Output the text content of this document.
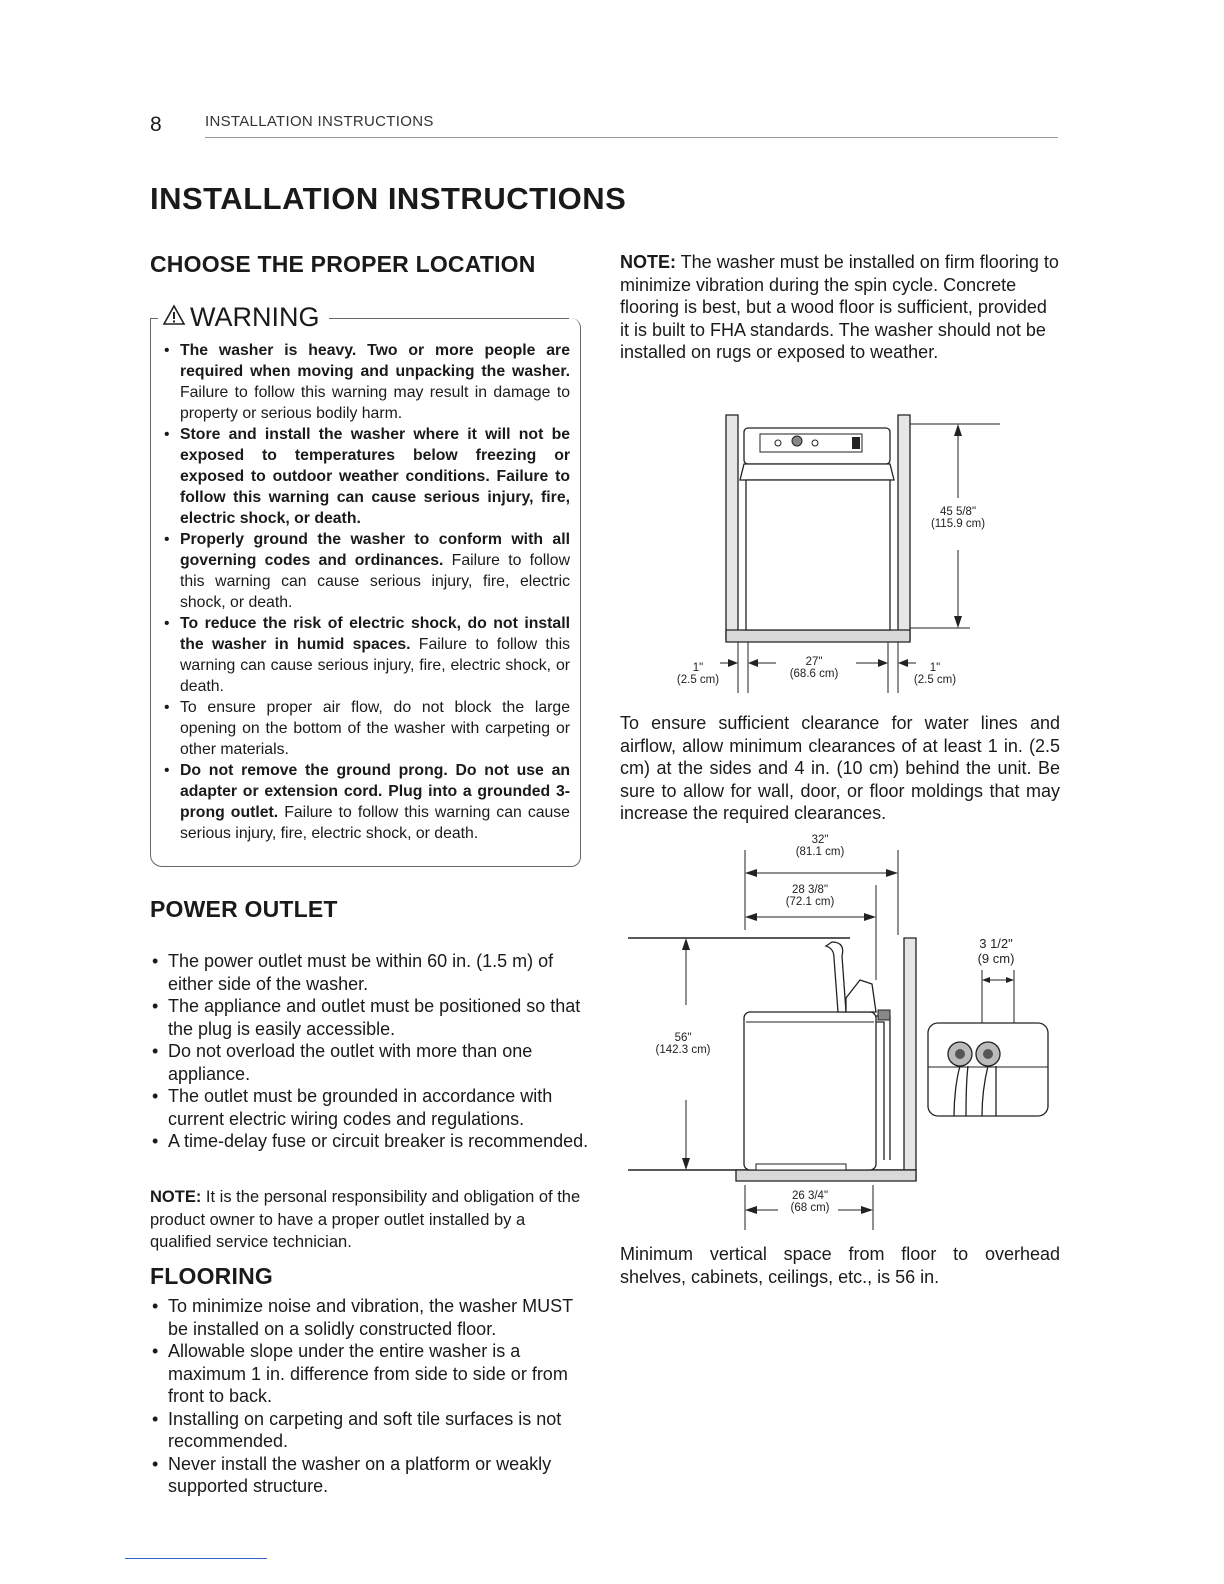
8	INSTALLATION INSTRUCTIONS
INSTALLATION INSTRUCTIONS
CHOOSE THE PROPER LOCATION
WARNING
• The washer is heavy. Two or more people are required when moving and unpacking the washer. Failure to follow this warning may result in damage to property or serious bodily harm.
• Store and install the washer where it will not be exposed to temperatures below freezing or exposed to outdoor weather conditions. Failure to follow this warning can cause serious injury, fire, electric shock, or death.
• Properly ground the washer to conform with all governing codes and ordinances. Failure to follow this warning can cause serious injury, fire, electric shock, or death.
• To reduce the risk of electric shock, do not install the washer in humid spaces. Failure to follow this warning can cause serious injury, fire, electric shock, or death.
• To ensure proper air flow, do not block the large opening on the bottom of the washer with carpeting or other materials.
• Do not remove the ground prong. Do not use an adapter or extension cord. Plug into a grounded 3-prong outlet. Failure to follow this warning can cause serious injury, fire, electric shock, or death.
POWER OUTLET
• The power outlet must be within 60 in. (1.5 m) of either side of the washer.
• The appliance and outlet must be positioned so that the plug is easily accessible.
• Do not overload the outlet with more than one appliance.
• The outlet must be grounded in accordance with current electric wiring codes and regulations.
• A time-delay fuse or circuit breaker is recommended.

NOTE: It is the personal responsibility and obligation of the product owner to have a proper outlet installed by a qualified service technician.

FLOORING
• To minimize noise and vibration, the washer MUST be installed on a solidly constructed floor.
• Allowable slope under the entire washer is a maximum 1 in. difference from side to side or from front to back.
• Installing on carpeting and soft tile surfaces is not recommended.
• Never install the washer on a platform or weakly supported structure.

NOTE: The washer must be installed on firm flooring to minimize vibration during the spin cycle. Concrete flooring is best, but a wood floor is sufficient, provided it is built to FHA standards. The washer should not be installed on rugs or exposed to weather.

45 5/8"
(115.9 cm)
1"
(2.5 cm)
27"
(68.6 cm)	1"
(2.5 cm)

To ensure sufficient clearance for water lines and airflow, allow minimum clearances of at least 1 in. (2.5 cm) at the sides and 4 in. (10 cm) behind the unit. Be sure to allow for wall, door, or floor moldings that may increase the required clearances.

32"
(81.1 cm)
28 3/8"
(72.1 cm)
56"
(142.3 cm)
3 1/2"
(9 cm)
26 3/4"
(68 cm)

Minimum vertical space from floor to overhead shelves, cabinets, ceilings, etc., is 56 in.
